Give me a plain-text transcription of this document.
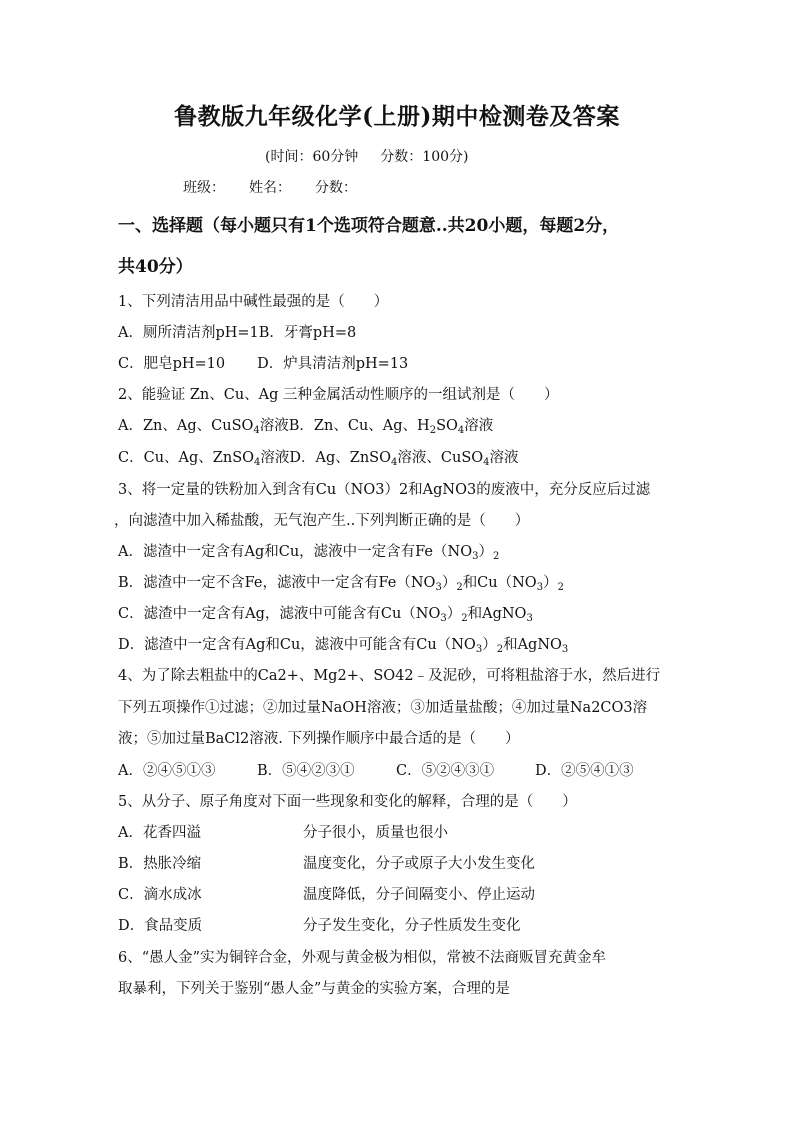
鲁教版九年级化学(上册)期中检测卷及答案
(时间：60分钟 分数：100分)
班级： 姓名： 分数：
一、选择题（每小题只有1个选项符合题意..共20小题，每题2分，
共40分）
1、下列清洁用品中碱性最强的是（　　）
A．厕所清洁剂pH=1B．牙膏pH=8
C．肥皂pH=10 D．炉具清洁剂pH=13
2、能验证 Zn、Cu、Ag 三种金属活动性顺序的一组试剂是（　　）
A．Zn、Ag、CuSO$_4$溶液B．Zn、Cu、Ag、$H_2SO_4$溶液
C．Cu、Ag、ZnSO$_4$溶液D．Ag、ZnSO$_4$溶液、CuSO$_4$溶液
3、将一定量的铁粉加入到含有Cu（NO3）2和AgNO3的废液中，充分反应后过滤
，向滤渣中加入稀盐酸，无气泡产生..下列判断正确的是（　　）
A．滤渣中一定含有Ag和Cu，滤液中一定含有$Fe(NO_3)_2$
B．滤渣中一定不含Fe，滤液中一定含有$Fe(NO_3)_2$和$Cu(NO_3)_2$
C．滤渣中一定含有Ag，滤液中可能含有$Cu(NO_3)_2$和AgNO$_3$
D．滤渣中一定含有Ag和Cu，滤液中可能含有$Cu(NO_3)_2$和AgNO$_3$
4、为了除去粗盐中的Ca2+、Mg2+、SO42﹣及泥砂，可将粗盐溶于水，然后进行
下列五项操作①过滤；②加过量NaOH溶液；③加适量盐酸；④加过量Na2CO3溶
液；⑤加过量BaCl2溶液. 下列操作顺序中最合适的是（　　）
A．②④⑤①③	B．⑤④②③①	C．⑤②④③①	D．②⑤④①③
5、从分子、原子角度对下面一些现象和变化的解释，合理的是（　　）
A．花香四溢	分子很小，质量也很小
B．热胀冷缩	温度变化，分子或原子大小发生变化
C．滴水成冰	温度降低，分子间隔变小、停止运动
D．食品变质	分子发生变化，分子性质发生变化
6、“愚人金”实为铜锌合金，外观与黄金极为相似，常被不法商贩冒充黄金牟
取暴利，下列关于鉴别“愚人金”与黄金的实验方案，合理的是
